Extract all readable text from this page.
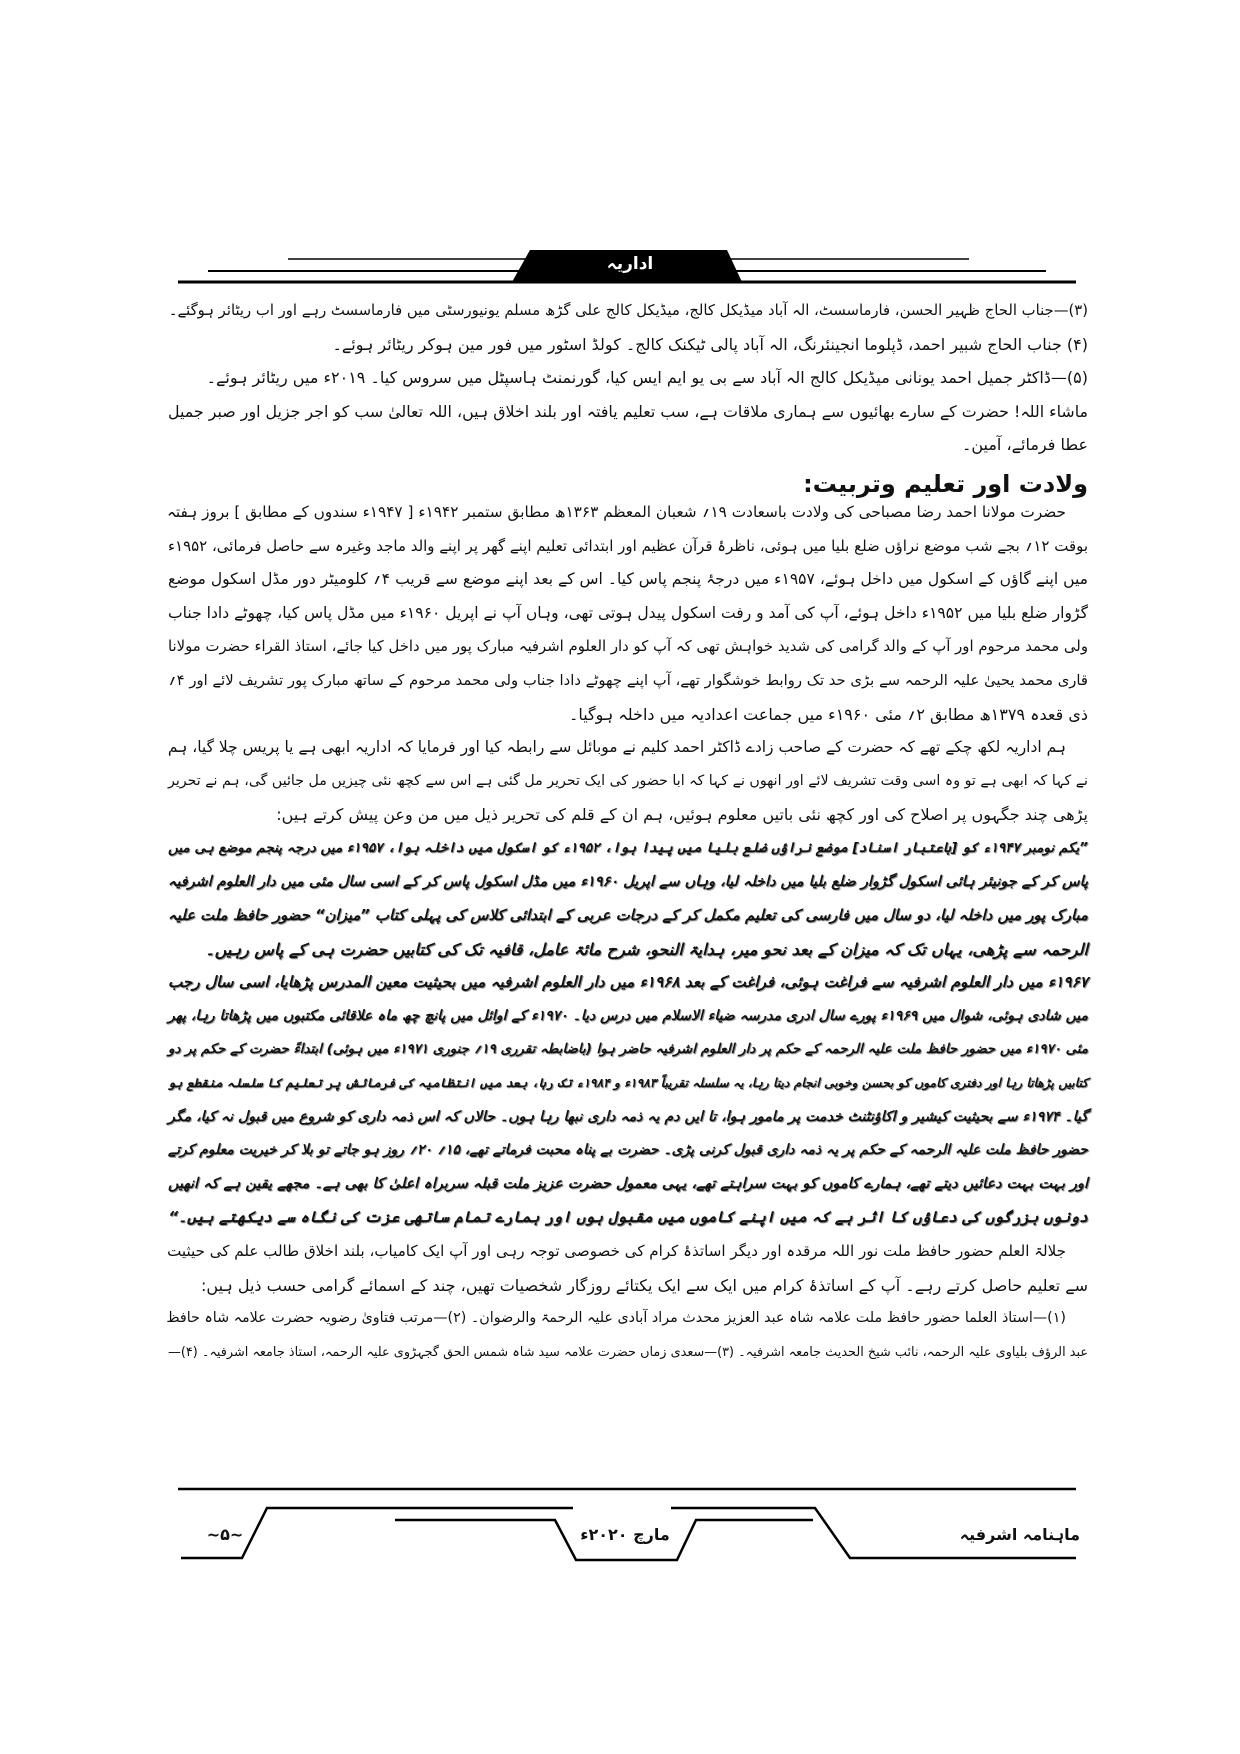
اداریہ
(۳)—جناب الحاج ظہیر الحسن، فارماسسٹ، الہ آباد میڈیکل کالج، میڈیکل کالج علی گڑھ مسلم یونیورسٹی میں فارماسسٹ رہے اور اب ریٹائر ہوگئے۔
(۴) جناب الحاج شبیر احمد، ڈپلوما انجینئرنگ، الہ آباد پالی ٹیکنک کالج۔ کولڈ اسٹور میں فور مین ہوکر ریٹائر ہوئے۔
(۵)—ڈاکٹر جمیل احمد یونانی میڈیکل کالج الہ آباد سے بی یو ایم ایس کیا، گورنمنٹ ہاسپٹل میں سروس کیا۔ ۲۰۱۹ء میں ریٹائر ہوئے۔
ماشاء اللہ! حضرت کے سارے بھائیوں سے ہماری ملاقات ہے، سب تعلیم یافتہ اور بلند اخلاق ہیں، اللہ تعالیٰ سب کو اجر جزیل اور صبر جمیل
عطا فرمائے، آمین۔
ولادت اور تعلیم وتربیت:
حضرت مولانا احمد رضا مصباحی کی ولادت باسعادت ۱۹؍ شعبان المعظم ۱۳۶۳ھ مطابق ستمبر ۱۹۴۲ء [ ۱۹۴۷ء سندوں کے مطابق ] بروز ہفتہ
بوقت ۱۲؍ بجے شب موضع نراؤں ضلع بلیا میں ہوئی، ناظرۂ قرآن عظیم اور ابتدائی تعلیم اپنے گھر پر اپنے والد ماجد وغیرہ سے حاصل فرمائی، ۱۹۵۲ء
میں اپنے گاؤں کے اسکول میں داخل ہوئے، ۱۹۵۷ء میں درجۂ پنجم پاس کیا۔ اس کے بعد اپنے موضع سے قریب ۴؍ کلومیٹر دور مڈل اسکول موضع
گڑوار ضلع بلیا میں ۱۹۵۲ء داخل ہوئے، آپ کی آمد و رفت اسکول پیدل ہوتی تھی، وہاں آپ نے اپریل ۱۹۶۰ء میں مڈل پاس کیا، چھوٹے دادا جناب
ولی محمد مرحوم اور آپ کے والد گرامی کی شدید خواہش تھی کہ آپ کو دار العلوم اشرفیہ مبارک پور میں داخل کیا جائے، استاذ القراء حضرت مولانا
قاری محمد یحییٰ علیہ الرحمہ سے بڑی حد تک روابط خوشگوار تھے، آپ اپنے چھوٹے دادا جناب ولی محمد مرحوم کے ساتھ مبارک پور تشریف لائے اور ۴؍
ذی قعدہ ۱۳۷۹ھ مطابق ۲؍ مئی ۱۹۶۰ء میں جماعت اعدادیہ میں داخلہ ہوگیا۔
ہم اداریہ لکھ چکے تھے کہ حضرت کے صاحب زادے ڈاکٹر احمد کلیم نے موبائل سے رابطہ کیا اور فرمایا کہ اداریہ ابھی ہے یا پریس چلا گیا، ہم
نے کہا کہ ابھی ہے تو وہ اسی وقت تشریف لائے اور انھوں نے کہا کہ ابا حضور کی ایک تحریر مل گئی ہے اس سے کچھ نئی چیزیں مل جائیں گی، ہم نے تحریر
پڑھی چند جگہوں پر اصلاح کی اور کچھ نئی باتیں معلوم ہوئیں، ہم ان کے قلم کی تحریر ذیل میں من وعن پیش کرتے ہیں:
”یکم نومبر ۱۹۴۷ء کو [باعتبار اسناد] موضع نراؤں ضلع بلیا میں پیدا ہوا، ۱۹۵۲ء کو اسکول میں داخلہ ہوا، ۱۹۵۷ء میں درجہ پنجم موضع ہی میں
پاس کر کے جونیئر ہائی اسکول گڑوار ضلع بلیا میں داخلہ لیا، وہاں سے اپریل ۱۹۶۰ء میں مڈل اسکول پاس کر کے اسی سال مئی میں دار العلوم اشرفیہ
مبارک پور میں داخلہ لیا، دو سال میں فارسی کی تعلیم مکمل کر کے درجات عربی کے ابتدائی کلاس کی پہلی کتاب ”میزان“ حضور حافظ ملت علیہ
الرحمہ سے پڑھی، یہاں تک کہ میزان کے بعد نحو میر، ہدایۃ النحو، شرح مائۃ عامل، قافیہ تک کی کتابیں حضرت ہی کے پاس رہیں۔
۱۹۶۷ء میں دار العلوم اشرفیہ سے فراغت ہوئی، فراغت کے بعد ۱۹۶۸ء میں دار العلوم اشرفیہ میں بحیثیت معین المدرس پڑھایا، اسی سال رجب
میں شادی ہوئی، شوال میں ۱۹۶۹ء پورے سال ادری مدرسہ ضیاء الاسلام میں درس دیا۔ ۱۹۷۰ء کے اوائل میں پانچ چھ ماہ علاقائی مکتبوں میں پڑھاتا رہا، پھر
مئی ۱۹۷۰ء میں حضور حافظ ملت علیہ الرحمہ کے حکم پر دار العلوم اشرفیہ حاضر ہوا (باضابطہ تقرری ۱۹؍ جنوری ۱۹۷۱ء میں ہوئی) ابتداءً حضرت کے حکم پر دو
کتابیں پڑھاتا رہا اور دفتری کاموں کو بحسن وخوبی انجام دیتا رہا، یہ سلسلہ تقریباً ۱۹۸۳ء و ۱۹۸۴ء تک رہا، بعد میں انتظامیہ کی فرمائش پر تعلیم کا سلسلہ منقطع ہو
گیا۔ ۱۹۷۴ء سے بحیثیت کیشیر و اکاؤنٹنٹ خدمت پر مامور ہوا، تا ایں دم یہ ذمہ داری نبھا رہا ہوں۔ حالاں کہ اس ذمہ داری کو شروع میں قبول نہ کیا، مگر
حضور حافظ ملت علیہ الرحمہ کے حکم پر یہ ذمہ داری قبول کرنی پڑی۔ حضرت بے پناہ محبت فرماتے تھے، ۱۵؍ ۲۰؍ روز ہو جاتے تو بلا کر خیریت معلوم کرتے
اور بہت بہت دعائیں دیتے تھے، ہمارے کاموں کو بہت سراہتے تھے، یہی معمول حضرت عزیز ملت قبلہ سربراہ اعلیٰ کا بھی ہے۔ مجھے یقین ہے کہ انھیں
دونوں بزرگوں کی دعاؤں کا اثر ہے کہ میں اپنے کاموں میں مقبول ہوں اور ہمارے تمام ساتھی عزت کی نگاہ سے دیکھتے ہیں۔“
جلالۃ العلم حضور حافظ ملت نور اللہ مرقدہ اور دیگر اساتذۂ کرام کی خصوصی توجہ رہی اور آپ ایک کامیاب، بلند اخلاق طالب علم کی حیثیت
سے تعلیم حاصل کرتے رہے۔ آپ کے اساتذۂ کرام میں ایک سے ایک یکتائے روزگار شخصیات تھیں، چند کے اسمائے گرامی حسب ذیل ہیں:
(۱)—استاذ العلما حضور حافظ ملت علامہ شاہ عبد العزیز محدث مراد آبادی علیہ الرحمۃ والرضوان۔ (۲)—مرتب فتاویٰ رضویہ حضرت علامہ شاہ حافظ
عبد الرؤف بلیاوی علیہ الرحمہ، نائب شیخ الحدیث جامعہ اشرفیہ۔ (۳)—سعدی زماں حضرت علامہ سید شاہ شمس الحق گجہڑوی علیہ الرحمہ، استاذ جامعہ اشرفیہ۔ (۴)—
~۵~	مارچ ۲۰۲۰ء	ماہنامہ اشرفیہ
